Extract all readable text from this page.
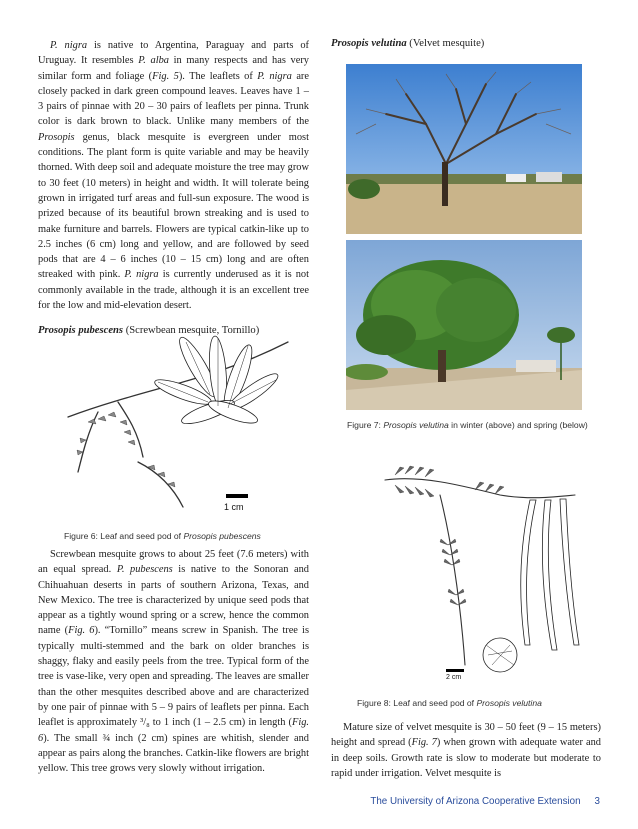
P. nigra is native to Argentina, Paraguay and parts of Uruguay. It resembles P. alba in many respects and has very similar form and foliage (Fig. 5). The leaflets of P. nigra are closely packed in dark green compound leaves. Leaves have 1 – 3 pairs of pinnae with 20 – 30 pairs of leaflets per pinna. Trunk color is dark brown to black. Unlike many members of the Prosopis genus, black mesquite is evergreen under most conditions. The plant form is quite variable and may be heavily thorned. With deep soil and adequate moisture the tree may grow to 30 feet (10 meters) in height and width. It will tolerate being grown in irrigated turf areas and full-sun exposure. The wood is prized because of its beautiful brown streaking and is used to make furniture and barrels. Flowers are typical catkin-like up to 2.5 inches (6 cm) long and yellow, and are followed by seed pods that are 4 – 6 inches (10 – 15 cm) long and are often streaked with pink. P. nigra is currently underused as it is not commonly available in the trade, although it is an excellent tree for the low and mid-elevation desert.

Prosopis pubescens (Screwbean mesquite, Tornillo)

1 cm
Figure 6: Leaf and seed pod of Prosopis pubescens

Screwbean mesquite grows to about 25 feet (7.6 meters) with an equal spread. P. pubescens is native to the Sonoran and Chihuahuan deserts in parts of southern Arizona, Texas, and New Mexico. The tree is characterized by unique seed pods that appear as a tightly wound spring or a screw, hence the common name (Fig. 6). “Tornillo” means screw in Spanish. The tree is typically multi-stemmed and the bark on older branches is shaggy, flaky and easily peels from the tree. Typical form of the tree is vase-like, very open and spreading. The leaves are smaller than the other mesquites described above and are characterized by one pair of pinnae with 5 – 9 pairs of leaflets per pinna. Each leaflet is approximately ³/₈ to 1 inch (1 – 2.5 cm) in length (Fig. 6). The small ¾ inch (2 cm) spines are whitish, slender and appear as pairs along the branches. Catkin-like flowers are bright yellow. This tree grows very slowly without irrigation.

Prosopis velutina (Velvet mesquite)

Figure 7: Prosopis velutina in winter (above) and spring (below)
2 cm
Figure 8: Leaf and seed pod of Prosopis velutina

Mature size of velvet mesquite is 30 – 50 feet (9 – 15 meters) height and spread (Fig. 7) when grown with adequate water and in deep soils. Growth rate is slow to moderate but moderate to rapid under irrigation. Velvet mesquite is

The University of Arizona Cooperative Extension 3
